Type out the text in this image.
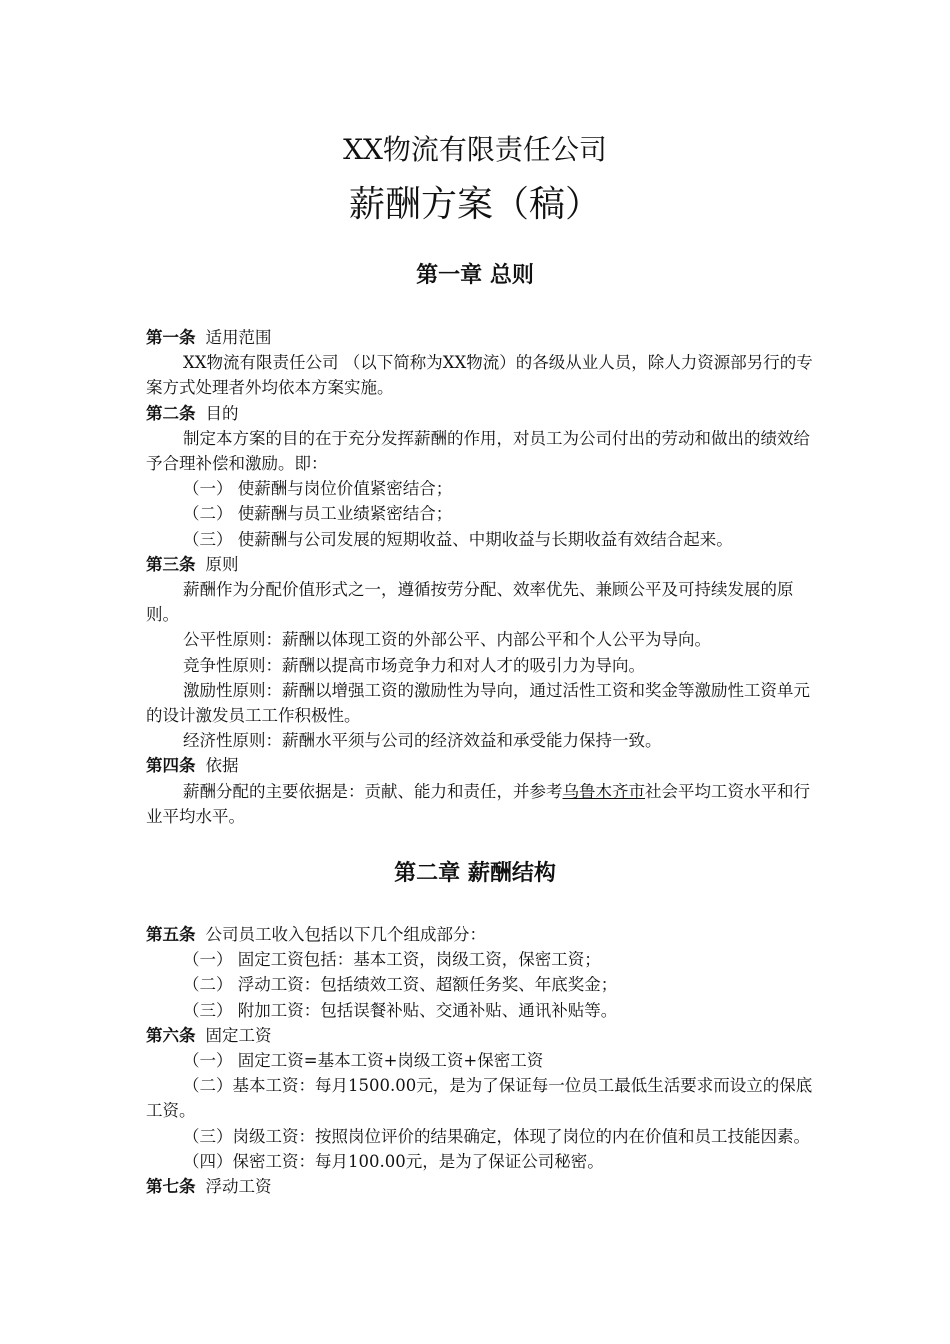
XX物流有限责任公司
薪酬方案（稿）
第一章 总则

第一条 适用范围

XX物流有限责任公司 （以下简称为XX物流）的各级从业人员，除人力资源部另行的专案方式处理者外均依本方案实施。

第二条 目的

制定本方案的目的在于充分发挥薪酬的作用，对员工为公司付出的劳动和做出的绩效给予合理补偿和激励。即：

（一） 使薪酬与岗位价值紧密结合；

（二） 使薪酬与员工业绩紧密结合；

（三） 使薪酬与公司发展的短期收益、中期收益与长期收益有效结合起来。

第三条 原则

薪酬作为分配价值形式之一，遵循按劳分配、效率优先、兼顾公平及可持续发展的原则。

公平性原则：薪酬以体现工资的外部公平、内部公平和个人公平为导向。

竞争性原则：薪酬以提高市场竞争力和对人才的吸引力为导向。

激励性原则：薪酬以增强工资的激励性为导向，通过活性工资和奖金等激励性工资单元的设计激发员工工作积极性。

经济性原则：薪酬水平须与公司的经济效益和承受能力保持一致。

第四条 依据

薪酬分配的主要依据是：贡献、能力和责任，并参考乌鲁木齐市社会平均工资水平和行业平均水平。

第二章 薪酬结构

第五条 公司员工收入包括以下几个组成部分：

（一） 固定工资包括：基本工资，岗级工资，保密工资；

（二） 浮动工资：包括绩效工资、超额任务奖、年底奖金；

（三） 附加工资：包括误餐补贴、交通补贴、通讯补贴等。

第六条 固定工资

（一） 固定工资=基本工资+岗级工资+保密工资

（二）基本工资：每月1500.00元，是为了保证每一位员工最低生活要求而设立的保底工资。

（三）岗级工资：按照岗位评价的结果确定，体现了岗位的内在价值和员工技能因素。

（四）保密工资：每月100.00元，是为了保证公司秘密。

第七条 浮动工资
